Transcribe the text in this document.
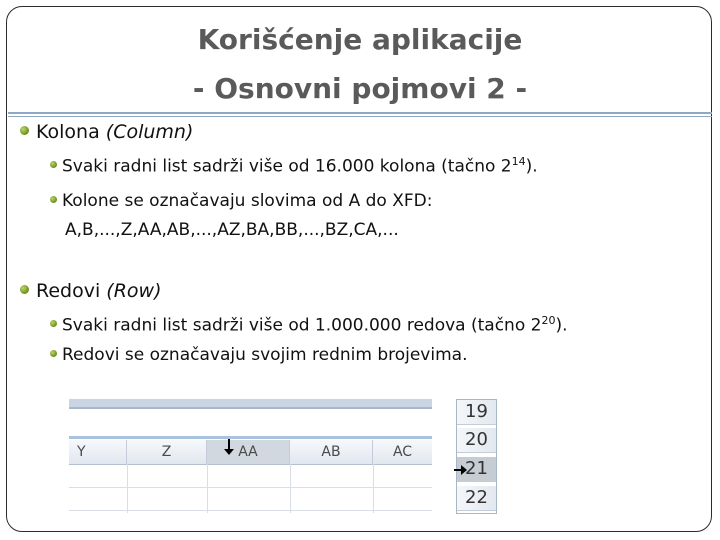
Korišćenje aplikacije
- Osnovni pojmovi 2 -
Kolona (Column)
Svaki radni list sadrži više od 16.000 kolona (tačno $2^{14}$).
Kolone se označavaju slovima od A do XFD:
A,B,...,Z,AA,AB,...,AZ,BA,BB,...,BZ,CA,...
Redovi (Row)
Svaki radni list sadrži više od 1.000.000 redova (tačno $2^{20}$).
Redovi se označavaju svojim rednim brojevima.
Y	Z	AA	AB	AC
19
20
21
22
